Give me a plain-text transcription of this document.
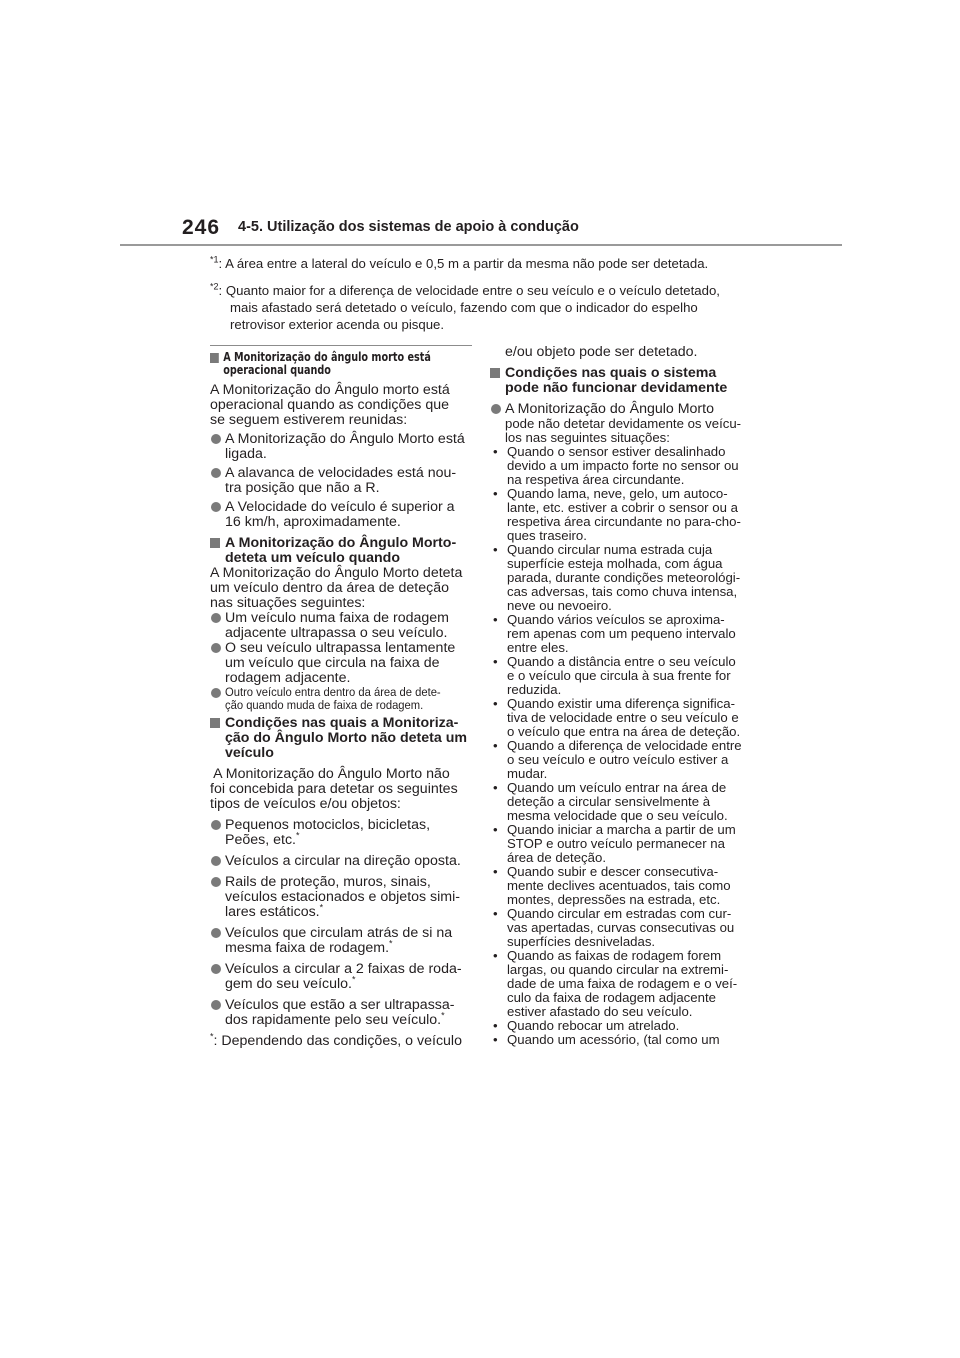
246 4-5. Utilização dos sistemas de apoio à condução
$^{*1}$: A área entre a lateral do veículo e 0,5 m a partir da mesma não pode ser detetada.
$^{*2}$: Quanto maior for a diferença de velocidade entre o seu veículo e o veículo detetado,
mais afastado será detetado o veículo, fazendo com que o indicador do espelho
retrovisor exterior acenda ou pisque.
A Monitorização do ângulo morto está
operacional quando
A Monitorização do Ângulo morto está
operacional quando as condições que
se seguem estiverem reunidas:
A Monitorização do Ângulo Morto está
ligada.
A alavanca de velocidades está nou-
tra posição que não a R.
A Velocidade do veículo é superior a
16 km/h, aproximadamente.
A Monitorização do Ângulo Morto-
deteta um veículo quando
A Monitorização do Ângulo Morto deteta
um veículo dentro da área de deteção
nas situações seguintes:
Um veículo numa faixa de rodagem
adjacente ultrapassa o seu veículo.
O seu veículo ultrapassa lentamente
um veículo que circula na faixa de
rodagem adjacente.
Outro veículo entra dentro da área de dete-
ção quando muda de faixa de rodagem.
Condições nas quais a Monitoriza-
ção do Ângulo Morto não deteta um
veículo
A Monitorização do Ângulo Morto não
foi concebida para detetar os seguintes
tipos de veículos e/ou objetos:
Pequenos motociclos, bicicletas,
Peões, etc.*
Veículos a circular na direção oposta.
Rails de proteção, muros, sinais,
veículos estacionados e objetos simi-
lares estáticos.*
Veículos que circulam atrás de si na
mesma faixa de rodagem.*
Veículos a circular a 2 faixas de roda-
gem do seu veículo.*
Veículos que estão a ser ultrapassa-
dos rapidamente pelo seu veículo.*
*: Dependendo das condições, o veículo
e/ou objeto pode ser detetado.
Condições nas quais o sistema
pode não funcionar devidamente
A Monitorização do Ângulo Morto
pode não detetar devidamente os veícu-
los nas seguintes situações:
• Quando o sensor estiver desalinhado
devido a um impacto forte no sensor ou
na respetiva área circundante.
• Quando lama, neve, gelo, um autoco-
lante, etc. estiver a cobrir o sensor ou a
respetiva área circundante no para-cho-
ques traseiro.
• Quando circular numa estrada cuja
superfície esteja molhada, com água
parada, durante condições meteorológi-
cas adversas, tais como chuva intensa,
neve ou nevoeiro.
• Quando vários veículos se aproxima-
rem apenas com um pequeno intervalo
entre eles.
• Quando a distância entre o seu veículo
e o veículo que circula à sua frente for
reduzida.
• Quando existir uma diferença significa-
tiva de velocidade entre o seu veículo e
o veículo que entra na área de deteção.
• Quando a diferença de velocidade entre
o seu veículo e outro veículo estiver a
mudar.
• Quando um veículo entrar na área de
deteção a circular sensivelmente à
mesma velocidade que o seu veículo.
• Quando iniciar a marcha a partir de um
STOP e outro veículo permanecer na
área de deteção.
• Quando subir e descer consecutiva-
mente declives acentuados, tais como
montes, depressões na estrada, etc.
• Quando circular em estradas com cur-
vas apertadas, curvas consecutivas ou
superfícies desniveladas.
• Quando as faixas de rodagem forem
largas, ou quando circular na extremi-
dade de uma faixa de rodagem e o veí-
culo da faixa de rodagem adjacente
estiver afastado do seu veículo.
• Quando rebocar um atrelado.
• Quando um acessório, (tal como um
